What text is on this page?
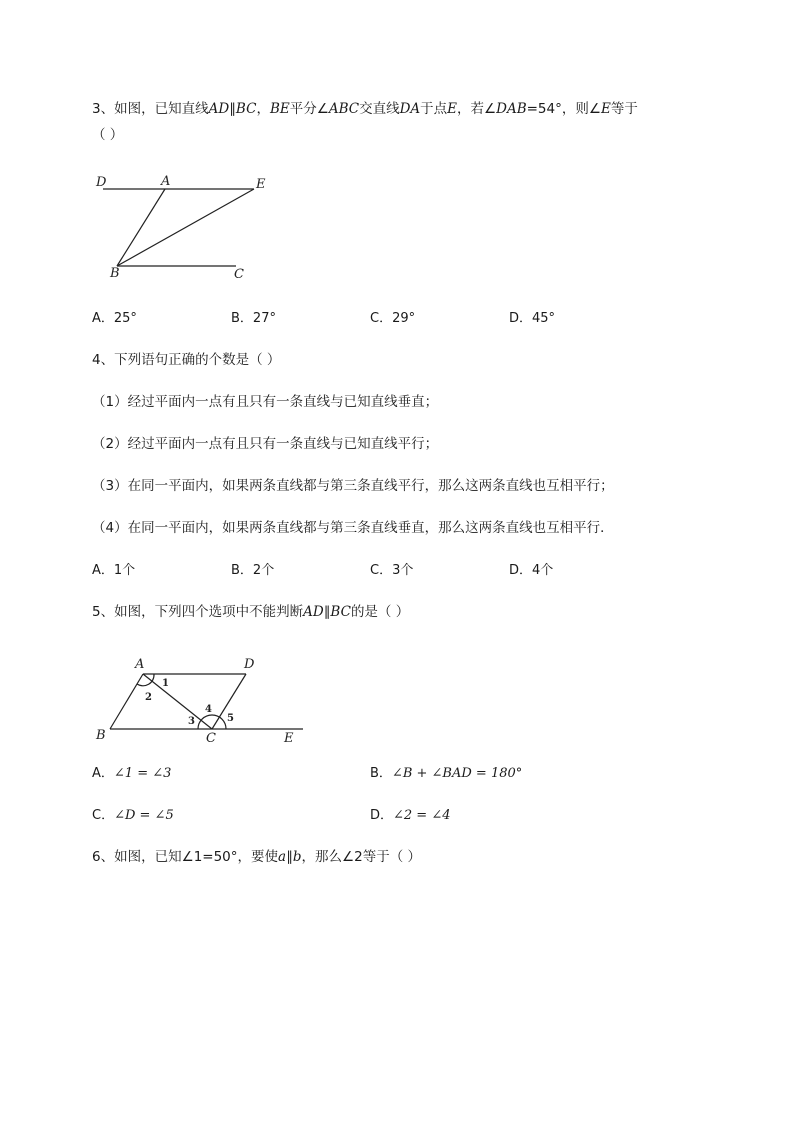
3、如图，已知直线AD∥BC，BE平分∠ABC交直线DA于点E，若∠DAB=54°，则∠E等于
（ ）
D	A	E
B	C
A．25°	B．27°	C．29°	D．45°
4、下列语句正确的个数是（ ）
（1）经过平面内一点有且只有一条直线与已知直线垂直；
（2）经过平面内一点有且只有一条直线与已知直线平行；
（3）在同一平面内，如果两条直线都与第三条直线平行，那么这两条直线也互相平行；
（4）在同一平面内，如果两条直线都与第三条直线垂直，那么这两条直线也互相平行．
A．1个	B．2个	C．3个	D．4个
5、如图，下列四个选项中不能判断AD∥BC的是（ ）
A	D
B	C	E
1
2
3
4
5
A．∠1 = ∠3	B．∠B + ∠BAD = 180°
C．∠D = ∠5	D．∠2 = ∠4
6、如图，已知∠1=50°，要使a∥b，那么∠2等于（ ）
